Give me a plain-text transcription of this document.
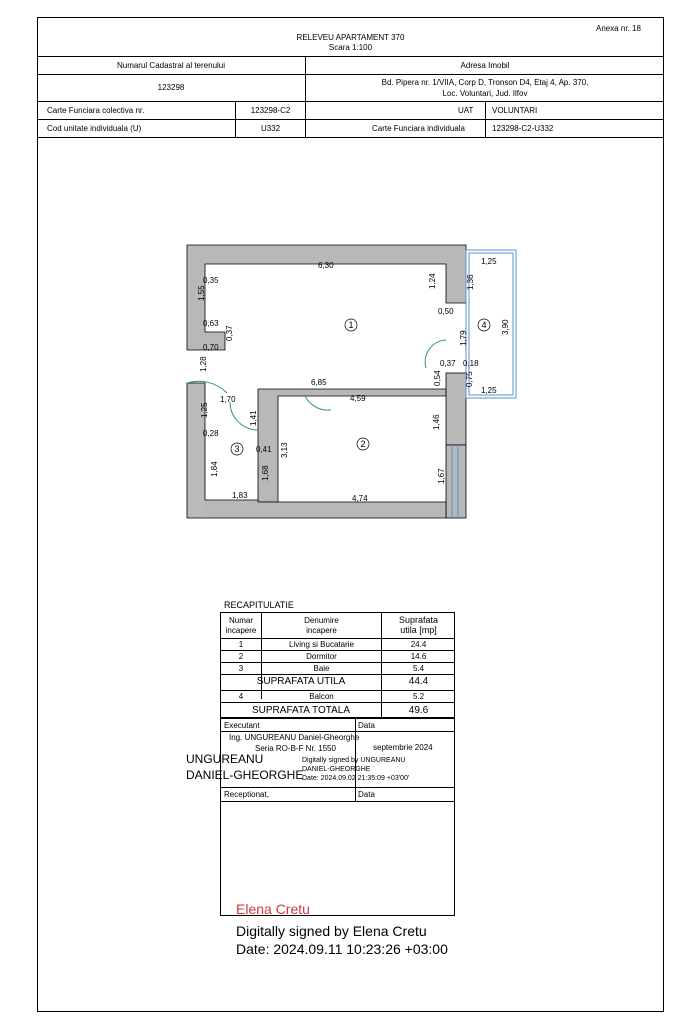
Anexa nr. 18
RELEVEU APARTAMENT 370
Scara 1:100
Numarul Cadastral al terenului	Adresa Imobil
123298
Bd. Pipera nr. 1/VIIA, Corp D, Tronson D4, Etaj 4, Ap. 370,
Loc. Voluntari, Jud. Ilfov
Carte Funciara colectiva nr.	123298-C2	UAT VOLUNTARI
Cod unitate individuala (U)	U332	Carte Funciara individuala	123298-C2-U332
6,30
0,35
1,55
0,63
0,37
0,70
1,28
1,24
0,50
1,36
1,25
3,90
1,79
0,37 0,18
0,54	0,75
1,25
6,85
1,70	4,59
1,41
1,25
0,28
0,41 3,13
1,46
1,84	1,68
1,83	4,74
1,67
1
2
3
4
RECAPITULATIE
Numar
incapere
Denumire
incapere
Suprafata
utila [mp]
1	Living si Bucatarie	24.4
2	Dormitor	14.6
3	Baie	5.4
SUPRAFATA UTILA	44.4
4	Balcon	5.2
SUPRAFATA TOTALA	49.6
Executant	Data
Ing. UNGUREANU Daniel-Gheorghe
Seria RO-B-F Nr. 1550	septembrie 2024
Digitally signed by UNGUREANU
DANIEL-GHEORGHE
Date: 2024.09.02 21:35:09 +03'00'
Receptionat,	Data
Elena Cretu
UNGUREANU
DANIEL-GHEORGHE
Digitally signed by Elena Cretu
Date: 2024.09.11 10:23:26 +03:00
